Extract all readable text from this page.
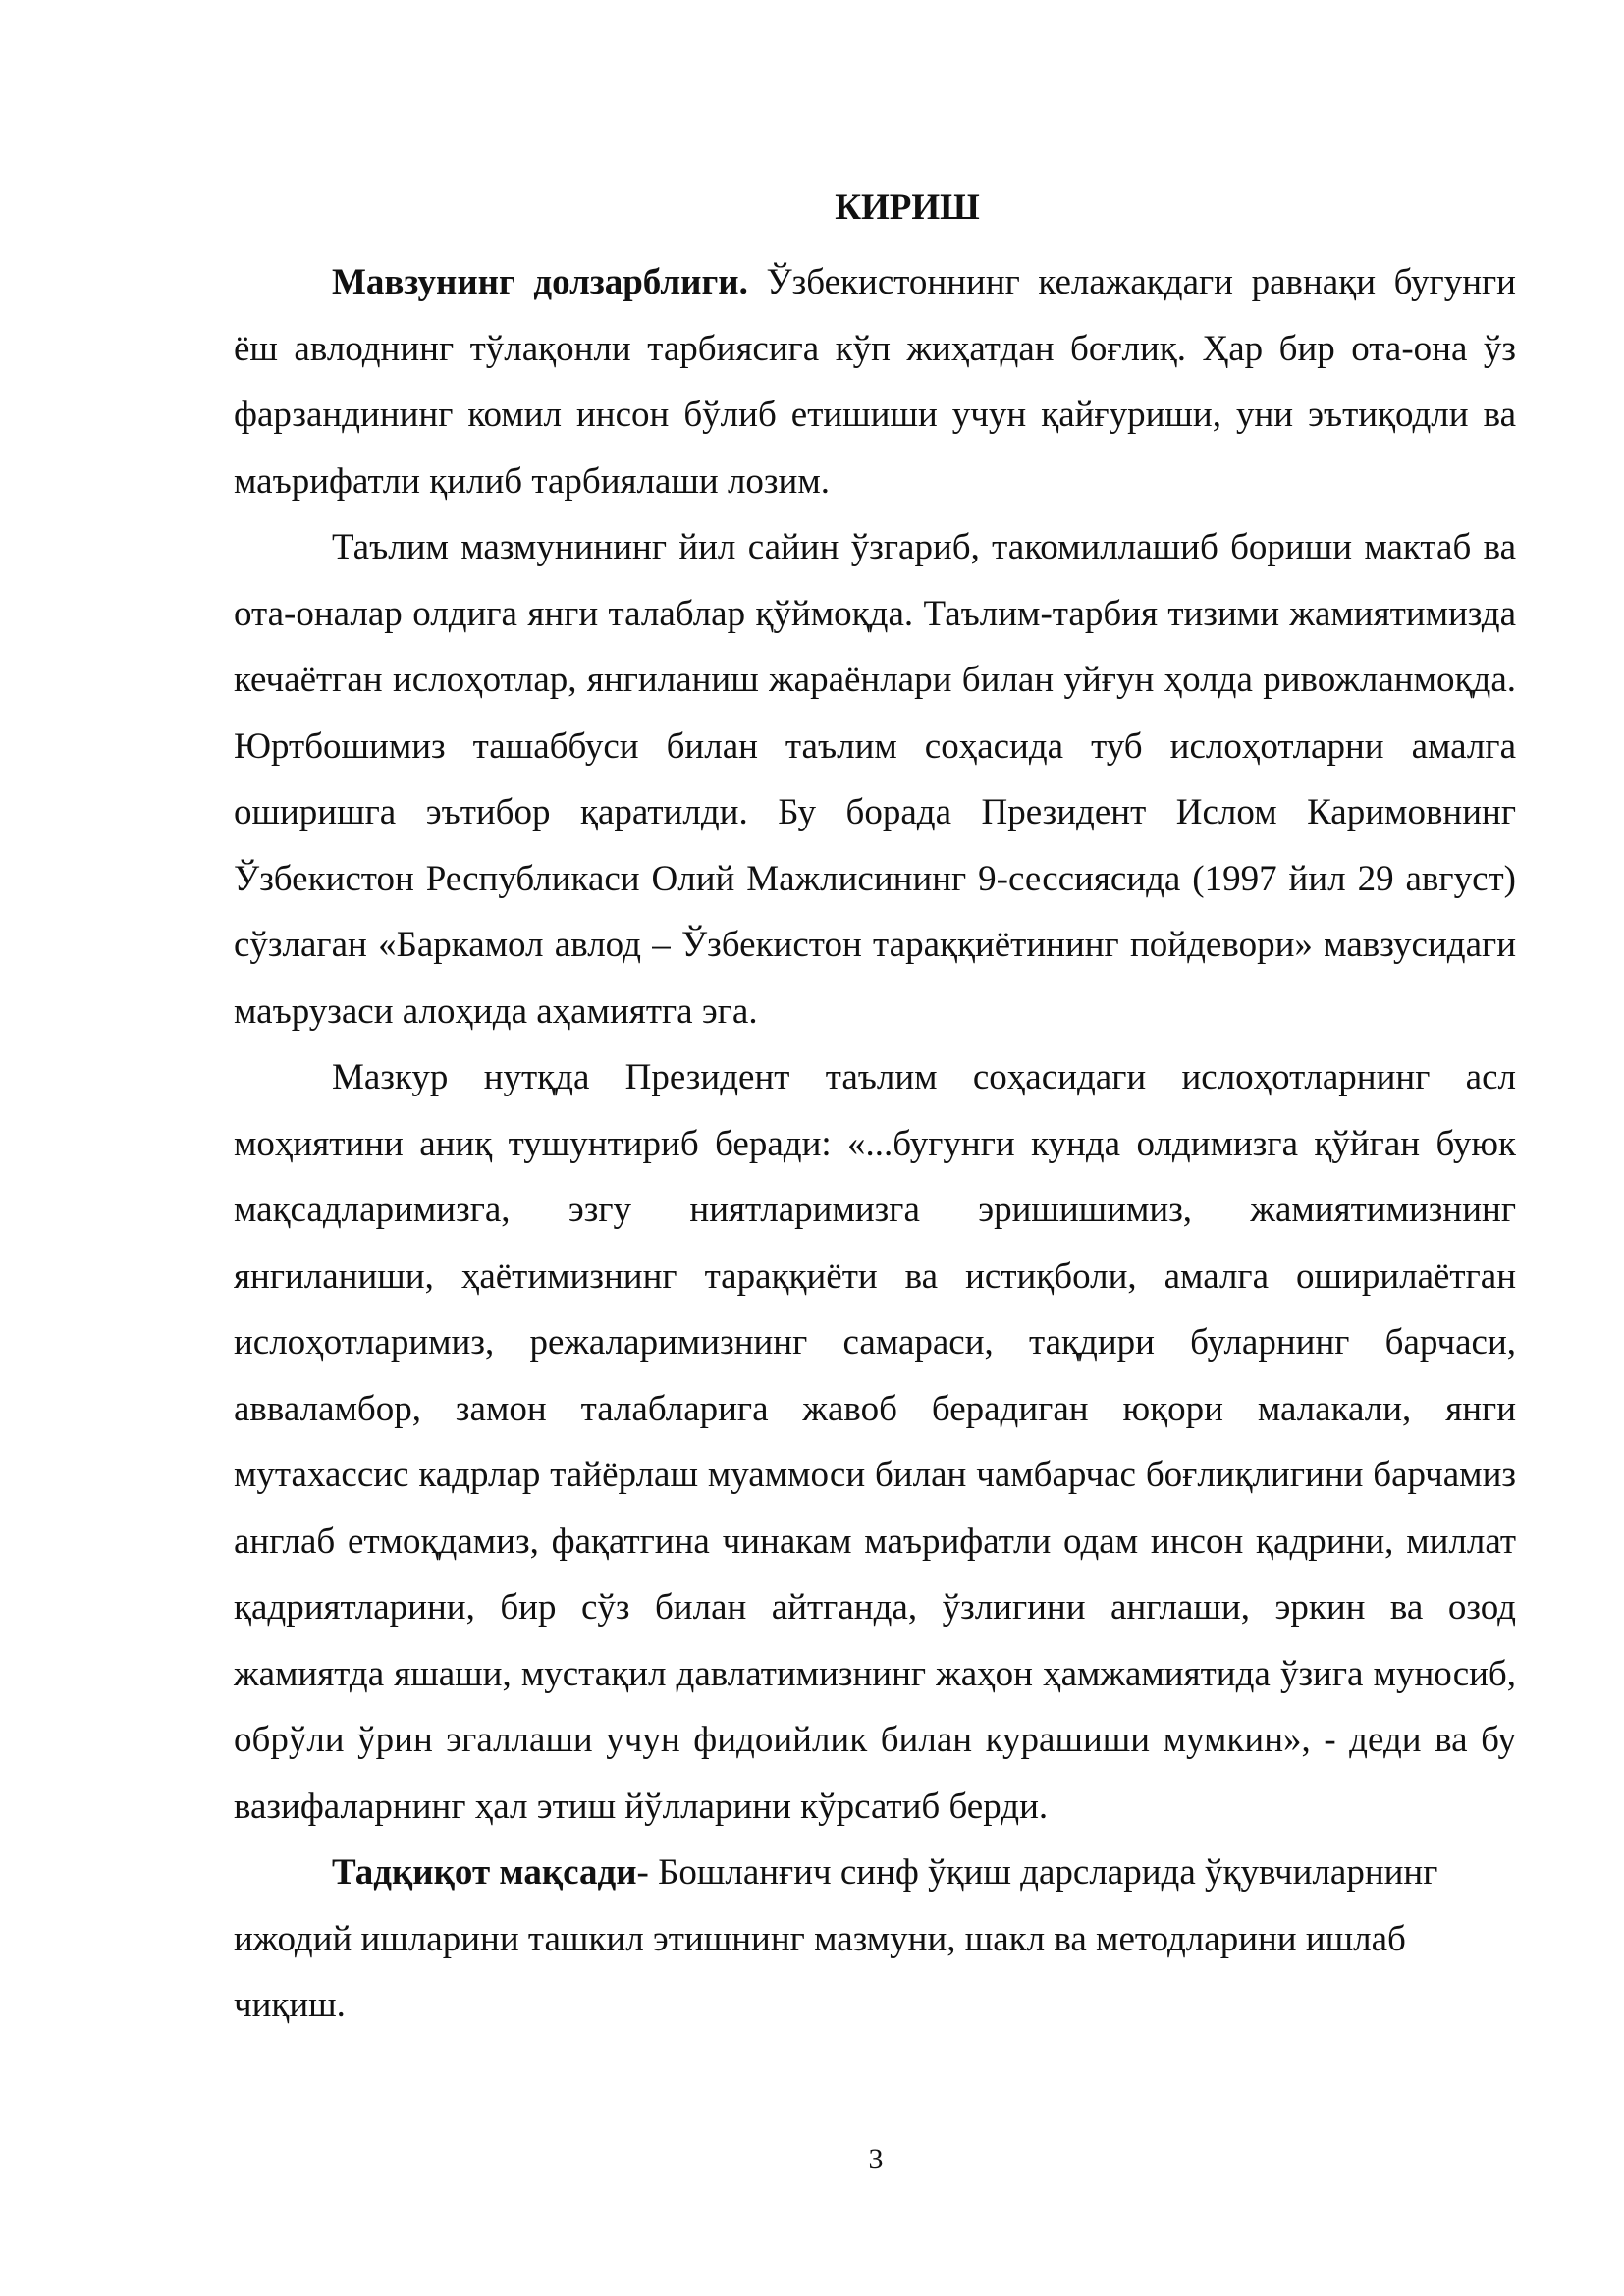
КИРИШ

Мавзунинг долзарблиги. Ўзбекистоннинг келажакдаги равнақи бугунги ёш авлоднинг тўлақонли тарбиясига кўп жиҳатдан боғлиқ. Ҳар бир ота-она ўз фарзандининг комил инсон бўлиб етишиши учун қайғуриши, уни эътиқодли ва маърифатли қилиб тарбиялаши лозим.

Таълим мазмунининг йил сайин ўзгариб, такомиллашиб бориши мактаб ва ота-оналар олдига янги талаблар қўймоқда. Таълим-тарбия тизими жамиятимизда кечаётган ислоҳотлар, янгиланиш жараёнлари билан уйғун ҳолда ривожланмоқда. Юртбошимиз ташаббуси билан таълим соҳасида туб ислоҳотларни амалга оширишга эътибор қаратилди. Бу борада Президент Ислом Каримовнинг Ўзбекистон Республикаси Олий Мажлисининг 9-сессиясида (1997 йил 29 август) сўзлаган «Баркамол авлод – Ўзбекистон тараққиётининг пойдевори» мавзусидаги маърузаси алоҳида аҳамиятга эга.

Мазкур нутқда Президент таълим соҳасидаги ислоҳотларнинг асл моҳиятини аниқ тушунтириб беради: «...бугунги кунда олдимизга қўйган буюк мақсадларимизга, эзгу ниятларимизга эришишимиз, жамиятимизнинг янгиланиши, ҳаётимизнинг тараққиёти ва истиқболи, амалга оширилаётган ислоҳотларимиз, режаларимизнинг самараси, тақдири буларнинг барчаси, авваламбор, замон талабларига жавоб берадиган юқори малакали, янги мутахассис кадрлар тайёрлаш муаммоси билан чамбарчас боғлиқлигини барчамиз англаб етмоқдамиз, фақатгина чинакам маърифатли одам инсон қадрини, миллат қадриятларини, бир сўз билан айтганда, ўзлигини англаши, эркин ва озод жамиятда яшаши, мустақил давлатимизнинг жаҳон ҳамжамиятида ўзига муносиб, обрўли ўрин эгаллаши учун фидоийлик билан курашиши мумкин», - деди ва бу вазифаларнинг ҳал этиш йўлларини кўрсатиб берди.

Тадқиқот мақсади- Бошланғич синф ўқиш дарсларида ўқувчиларнинг ижодий ишларини ташкил этишнинг мазмуни, шакл ва методларини ишлаб чиқиш.

3
